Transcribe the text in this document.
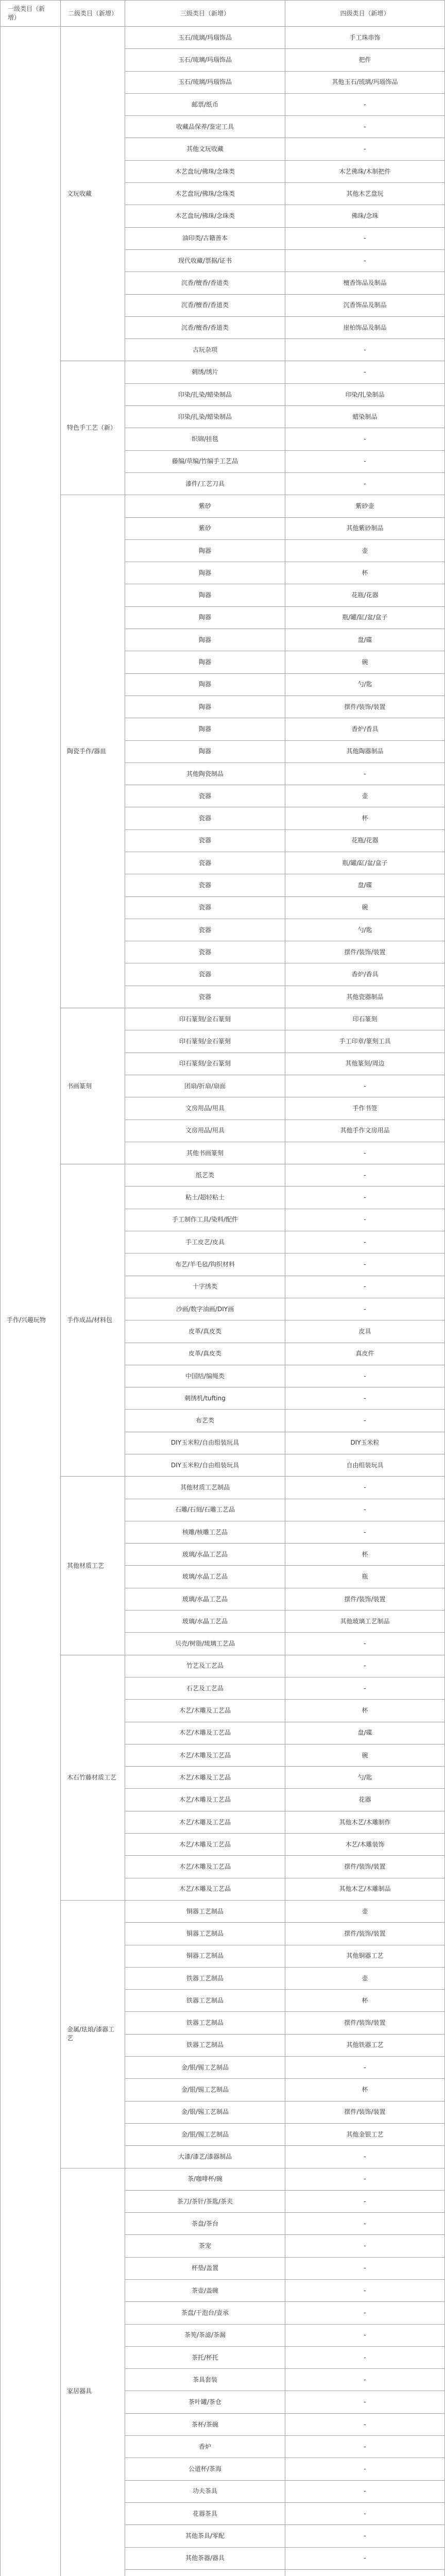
一级类目（新增）
二级类目（新增）	三级类目（新增）	四级类目（新增）
手作/兴趣玩物
文玩收藏
玉石/琉璃/玛瑙饰品	手工珠串饰
玉石/琉璃/玛瑙饰品	把件
玉石/琉璃/玛瑙饰品	其他玉石/琉璃/玛瑙饰品
邮票/纸币	-
收藏品保养/鉴定工具	-
其他文玩收藏	-
木艺盘玩/佛珠/念珠类	木艺佛珠/木制把件
木艺盘玩/佛珠/念珠类	其他木艺盘玩
木艺盘玩/佛珠/念珠类	佛珠/念珠
油印类/古籍善本	-
现代收藏/票据/证书	-
沉香/檀香/香道类	檀香饰品及制品
沉香/檀香/香道类	沉香饰品及制品
沉香/檀香/香道类	崖柏饰品及制品
古玩杂项	-
特色手工艺（新）
刺绣/绣片	-
印染/扎染/蜡染制品	印染/扎染制品
印染/扎染/蜡染制品	蜡染制品
织锦/挂毯	-
藤编/草编/竹编手工艺品	-
漆件/工艺刀具	-
陶瓷手作/器皿
紫砂	紫砂壶
紫砂	其他紫砂制品
陶器	壶
陶器	杯
陶器	花瓶/花器
陶器	瓶/罐/缸/盆/盒子
陶器	盘/碟
陶器	碗
陶器	勺/匙
陶器	摆件/装饰/装置
陶器	香炉/香具
陶器	其他陶器制品
其他陶瓷制品	-
瓷器	壶
瓷器	杯
瓷器	花瓶/花器
瓷器	瓶/罐/缸/盆/盒子
瓷器	盘/碟
瓷器	碗
瓷器	勺/匙
瓷器	摆件/装饰/装置
瓷器	香炉/香具
瓷器	其他瓷器制品
书画篆刻
印石篆刻/金石篆刻	印石篆刻
印石篆刻/金石篆刻	手工印章/篆刻工具
印石篆刻/金石篆刻	其他篆刻/周边
团扇/折扇/扇面	-
文房用品/用具	手作书签
文房用品/用具	其他手作文房用品
其他书画篆刻	-
手作成品/材料包
纸艺类	-
粘土/超轻粘土	-
手工制作工具/染料/配件	-
手工皮艺/皮具	-
布艺/羊毛毡/钩织材料	-
十字绣类	-
沙画/数字油画/DIY画	-
皮革/真皮类	皮具
皮革/真皮类	真皮件
中国结/编绳类	-
刺绣机/tufting	-
布艺类	-
DIY玉米粒/自由组装玩具	DIY玉米粒
DIY玉米粒/自由组装玩具	自由组装玩具
其他材质工艺
其他材质工艺制品	-
石雕/石刻/石雕工艺品	-
核雕/核雕工艺品	-
玻璃/水晶工艺品	杯
玻璃/水晶工艺品	瓶
玻璃/水晶工艺品	摆件/装饰/装置
玻璃/水晶工艺品	其他玻璃工艺制品
贝壳/树脂/琉璃工艺品	-
木石竹藤材质工艺
竹艺及工艺品	-
石艺及工艺品	-
木艺/木雕及工艺品	杯
木艺/木雕及工艺品	盘/碟
木艺/木雕及工艺品	碗
木艺/木雕及工艺品	勺/匙
木艺/木雕及工艺品	花器
木艺/木雕及工艺品	其他木艺/木雕制作
木艺/木雕及工艺品	木艺/木雕装饰
木艺/木雕及工艺品	摆件/装饰/装置
木艺/木雕及工艺品	其他木艺/木雕制品
金属/珐琅/漆器工艺
铜器工艺制品	壶
铜器工艺制品	摆件/装饰/装置
铜器工艺制品	其他铜器工艺
铁器工艺制品	壶
铁器工艺制品	杯
铁器工艺制品	摆件/装饰/装置
铁器工艺制品	其他铁器工艺
金/银/锡工艺制品	-
金/银/锡工艺制品	杯
金/银/锡工艺制品	摆件/装饰/装置
金/银/锡工艺制品	其他金银工艺
大漆/漆艺/漆器制品	-
家居器具
茶/咖啡杯/碗	-
茶刀/茶针/茶匙/茶夹	-
茶盘/茶台	-
茶宠	-
杯垫/盖置	-
茶壶/盖碗	-
茶盘/干泡台/壶承	-
茶筅/茶滤/茶漏	-
茶托/杯托	-
茶具套装	-
茶叶罐/茶仓	-
茶杯/茶碗	-
香炉	-
公道杯/茶海	-
功夫茶具	-
花器茶具	-
其他茶具/零配	-
其他茶器/器具	-
